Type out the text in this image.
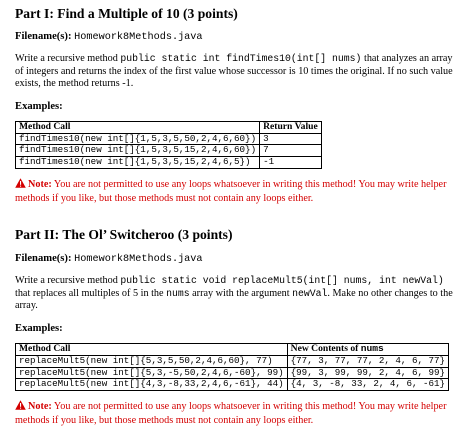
Part I: Find a Multiple of 10 (3 points)

Filename(s): Homework8Methods.java

Write a recursive method public static int findTimes10(int[] nums) that analyzes an array of integers and returns the index of the first value whose successor is 10 times the original. If no such value exists, the method returns -1.

Examples:

Method Call	Return Value
findTimes10(new int[]{1,5,3,5,50,2,4,6,60})	3
findTimes10(new int[]{1,5,3,5,15,2,4,6,60})	7
findTimes10(new int[]{1,5,3,5,15,2,4,6,5})	-1

Note: You are not permitted to use any loops whatsoever in writing this method! You may write helper methods if you like, but those methods must not contain any loops either.

Part II: The Ol’ Switcheroo (3 points)

Filename(s): Homework8Methods.java

Write a recursive method public static void replaceMult5(int[] nums, int newVal) that replaces all multiples of 5 in the nums array with the argument newVal. Make no other changes to the array.

Examples:

Method Call	New Contents of nums
replaceMult5(new int[]{5,3,5,50,2,4,6,60}, 77)	{77, 3, 77, 77, 2, 4, 6, 77}
replaceMult5(new int[]{5,3,-5,50,2,4,6,-60}, 99)	{99, 3, 99, 99, 2, 4, 6, 99}
replaceMult5(new int[]{4,3,-8,33,2,4,6,-61}, 44)	{4, 3, -8, 33, 2, 4, 6, -61}

Note: You are not permitted to use any loops whatsoever in writing this method! You may write helper methods if you like, but those methods must not contain any loops either.
